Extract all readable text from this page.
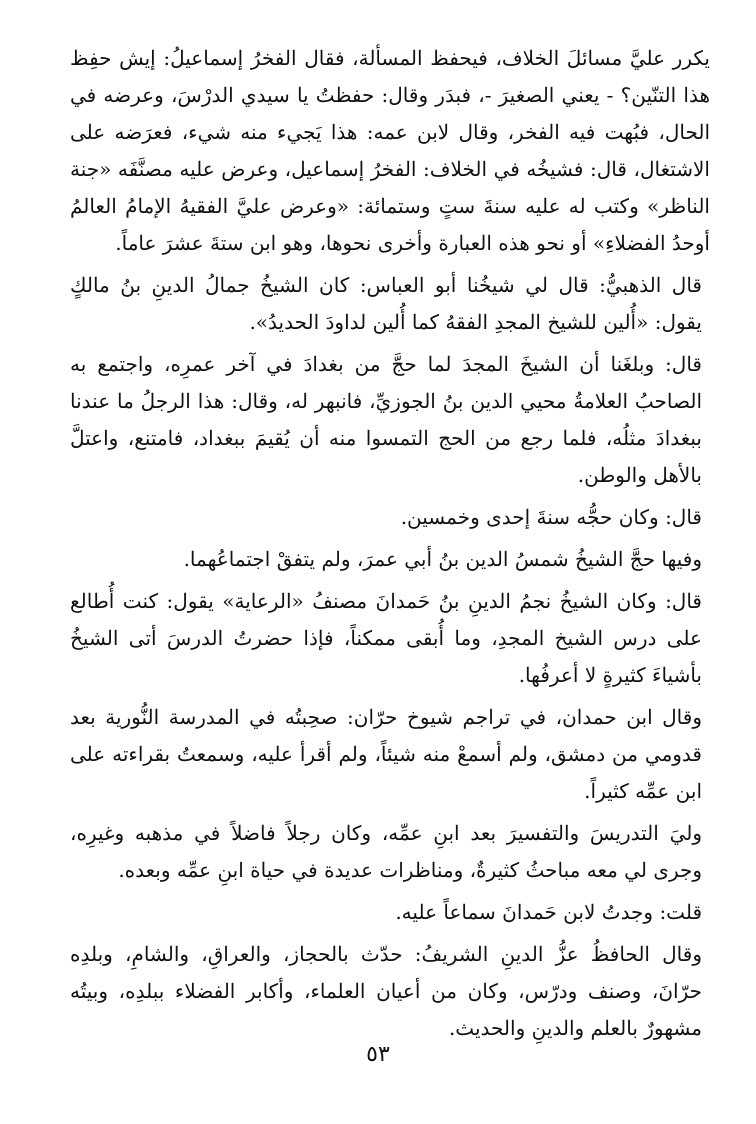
يكرر عليَّ مسائلَ الخلاف، فيحفظ المسألة، فقال الفخرُ إسماعيلُ: إيش حفِظ هذا التنّين؟ - يعني الصغيرَ -، فبدَر وقال: حفظتُ يا سيدي الدرْسَ، وعرضه في الحال، فبُهت فيه الفخر، وقال لابن عمه: هذا يَجيء منه شيء، فعرَضه على الاشتغال، قال: فشيخُه في الخلاف: الفخرُ إسماعيل، وعرض عليه مصنَّفَه «جنة الناظر» وكتب له عليه سنةَ ستٍ وستمائة: «وعرض عليَّ الفقيهُ الإمامُ العالمُ أوحدُ الفضلاءِ» أو نحو هذه العبارة وأخرى نحوها، وهو ابن ستةَ عشرَ عاماً.

قال الذهبيُّ: قال لي شيخُنا أبو العباس: كان الشيخُ جمالُ الدينِ بنُ مالكٍ يقول: «أُلين للشيخ المجدِ الفقهُ كما أُلين لداودَ الحديدُ».

قال: وبلغَنا أن الشيخَ المجدَ لما حجَّ من بغدادَ في آخر عمرِه، واجتمع به الصاحبُ العلامةُ محيي الدين بنُ الجوزيِّ، فانبهر له، وقال: هذا الرجلُ ما عندنا ببغدادَ مثلُه، فلما رجع من الحج التمسوا منه أن يُقيمَ ببغداد، فامتنع، واعتلَّ بالأهل والوطن.

قال: وكان حجُّه سنةَ إحدى وخمسين.

وفيها حجَّ الشيخُ شمسُ الدين بنُ أبي عمرَ، ولم يتفقْ اجتماعُهما.

قال: وكان الشيخُ نجمُ الدينِ بنُ حَمدانَ مصنفُ «الرعاية» يقول: كنت أُطالع على درس الشيخ المجدِ، وما أُبقى ممكناً، فإذا حضرتُ الدرسَ أتى الشيخُ بأشياءَ كثيرةٍ لا أعرفُها.

وقال ابن حمدان، في تراجم شيوخ حرّان: صحِبتُه في المدرسة النُّورية بعد قدومي من دمشق، ولم أسمعْ منه شيئاً، ولم أقرأ عليه، وسمعتُ بقراءته على ابن عمِّه كثيراً.

وليَ التدريسَ والتفسيرَ بعد ابنِ عمِّه، وكان رجلاً فاضلاً في مذهبه وغيرِه، وجرى لي معه مباحثُ كثيرةٌ، ومناظرات عديدة في حياة ابنِ عمِّه وبعده.

قلت: وجدتُ لابن حَمدانَ سماعاً عليه.

وقال الحافظُ عزُّ الدينِ الشريفُ: حدّث بالحجاز، والعراقِ، والشامِ، وبلدِه حرّانَ، وصنف ودرّس، وكان من أعيان العلماء، وأكابر الفضلاء ببلدِه، وبيتُه مشهورٌ بالعلم والدينِ والحديث.

٥٣
